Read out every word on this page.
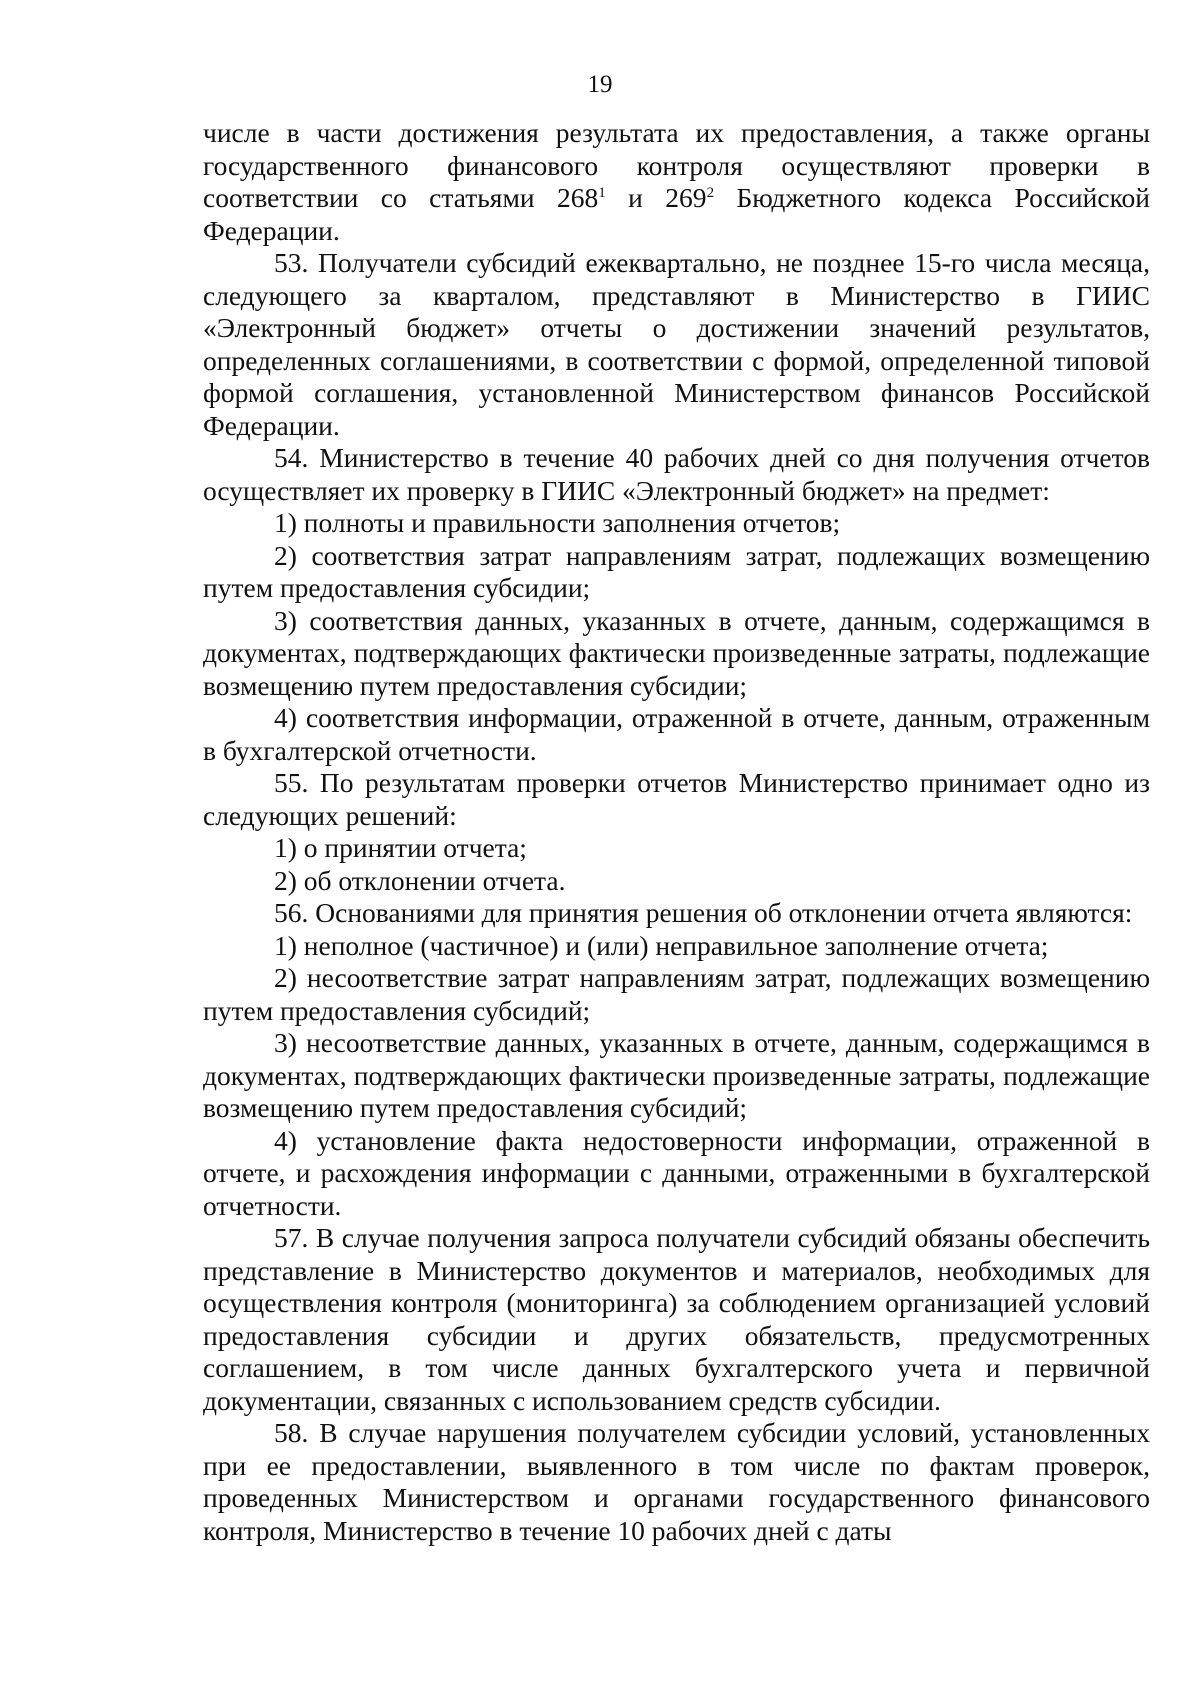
19

числе в части достижения результата их предоставления, а также органы государственного финансового контроля осуществляют проверки в соответствии со статьями $268^1$ и $269^2$ Бюджетного кодекса Российской Федерации.

53. Получатели субсидий ежеквартально, не позднее 15-го числа месяца, следующего за кварталом, представляют в Министерство в ГИИС «Электронный бюджет» отчеты о достижении значений результатов, определенных соглашениями, в соответствии с формой, определенной типовой формой соглашения, установленной Министерством финансов Российской Федерации.

54. Министерство в течение 40 рабочих дней со дня получения отчетов осуществляет их проверку в ГИИС «Электронный бюджет» на предмет:

1) полноты и правильности заполнения отчетов;

2) соответствия затрат направлениям затрат, подлежащих возмещению путем предоставления субсидии;

3) соответствия данных, указанных в отчете, данным, содержащимся в документах, подтверждающих фактически произведенные затраты, подлежащие возмещению путем предоставления субсидии;

4) соответствия информации, отраженной в отчете, данным, отраженным в бухгалтерской отчетности.

55. По результатам проверки отчетов Министерство принимает одно из следующих решений:

1) о принятии отчета;

2) об отклонении отчета.

56. Основаниями для принятия решения об отклонении отчета являются:

1) неполное (частичное) и (или) неправильное заполнение отчета;

2) несоответствие затрат направлениям затрат, подлежащих возмещению путем предоставления субсидий;

3) несоответствие данных, указанных в отчете, данным, содержащимся в документах, подтверждающих фактически произведенные затраты, подлежащие возмещению путем предоставления субсидий;

4) установление факта недостоверности информации, отраженной в отчете, и расхождения информации с данными, отраженными в бухгалтерской отчетности.

57. В случае получения запроса получатели субсидий обязаны обеспечить представление в Министерство документов и материалов, необходимых для осуществления контроля (мониторинга) за соблюдением организацией условий предоставления субсидии и других обязательств, предусмотренных соглашением, в том числе данных бухгалтерского учета и первичной документации, связанных с использованием средств субсидии.

58. В случае нарушения получателем субсидии условий, установленных при ее предоставлении, выявленного в том числе по фактам проверок, проведенных Министерством и органами государственного финансового контроля, Министерство в течение 10 рабочих дней с даты
